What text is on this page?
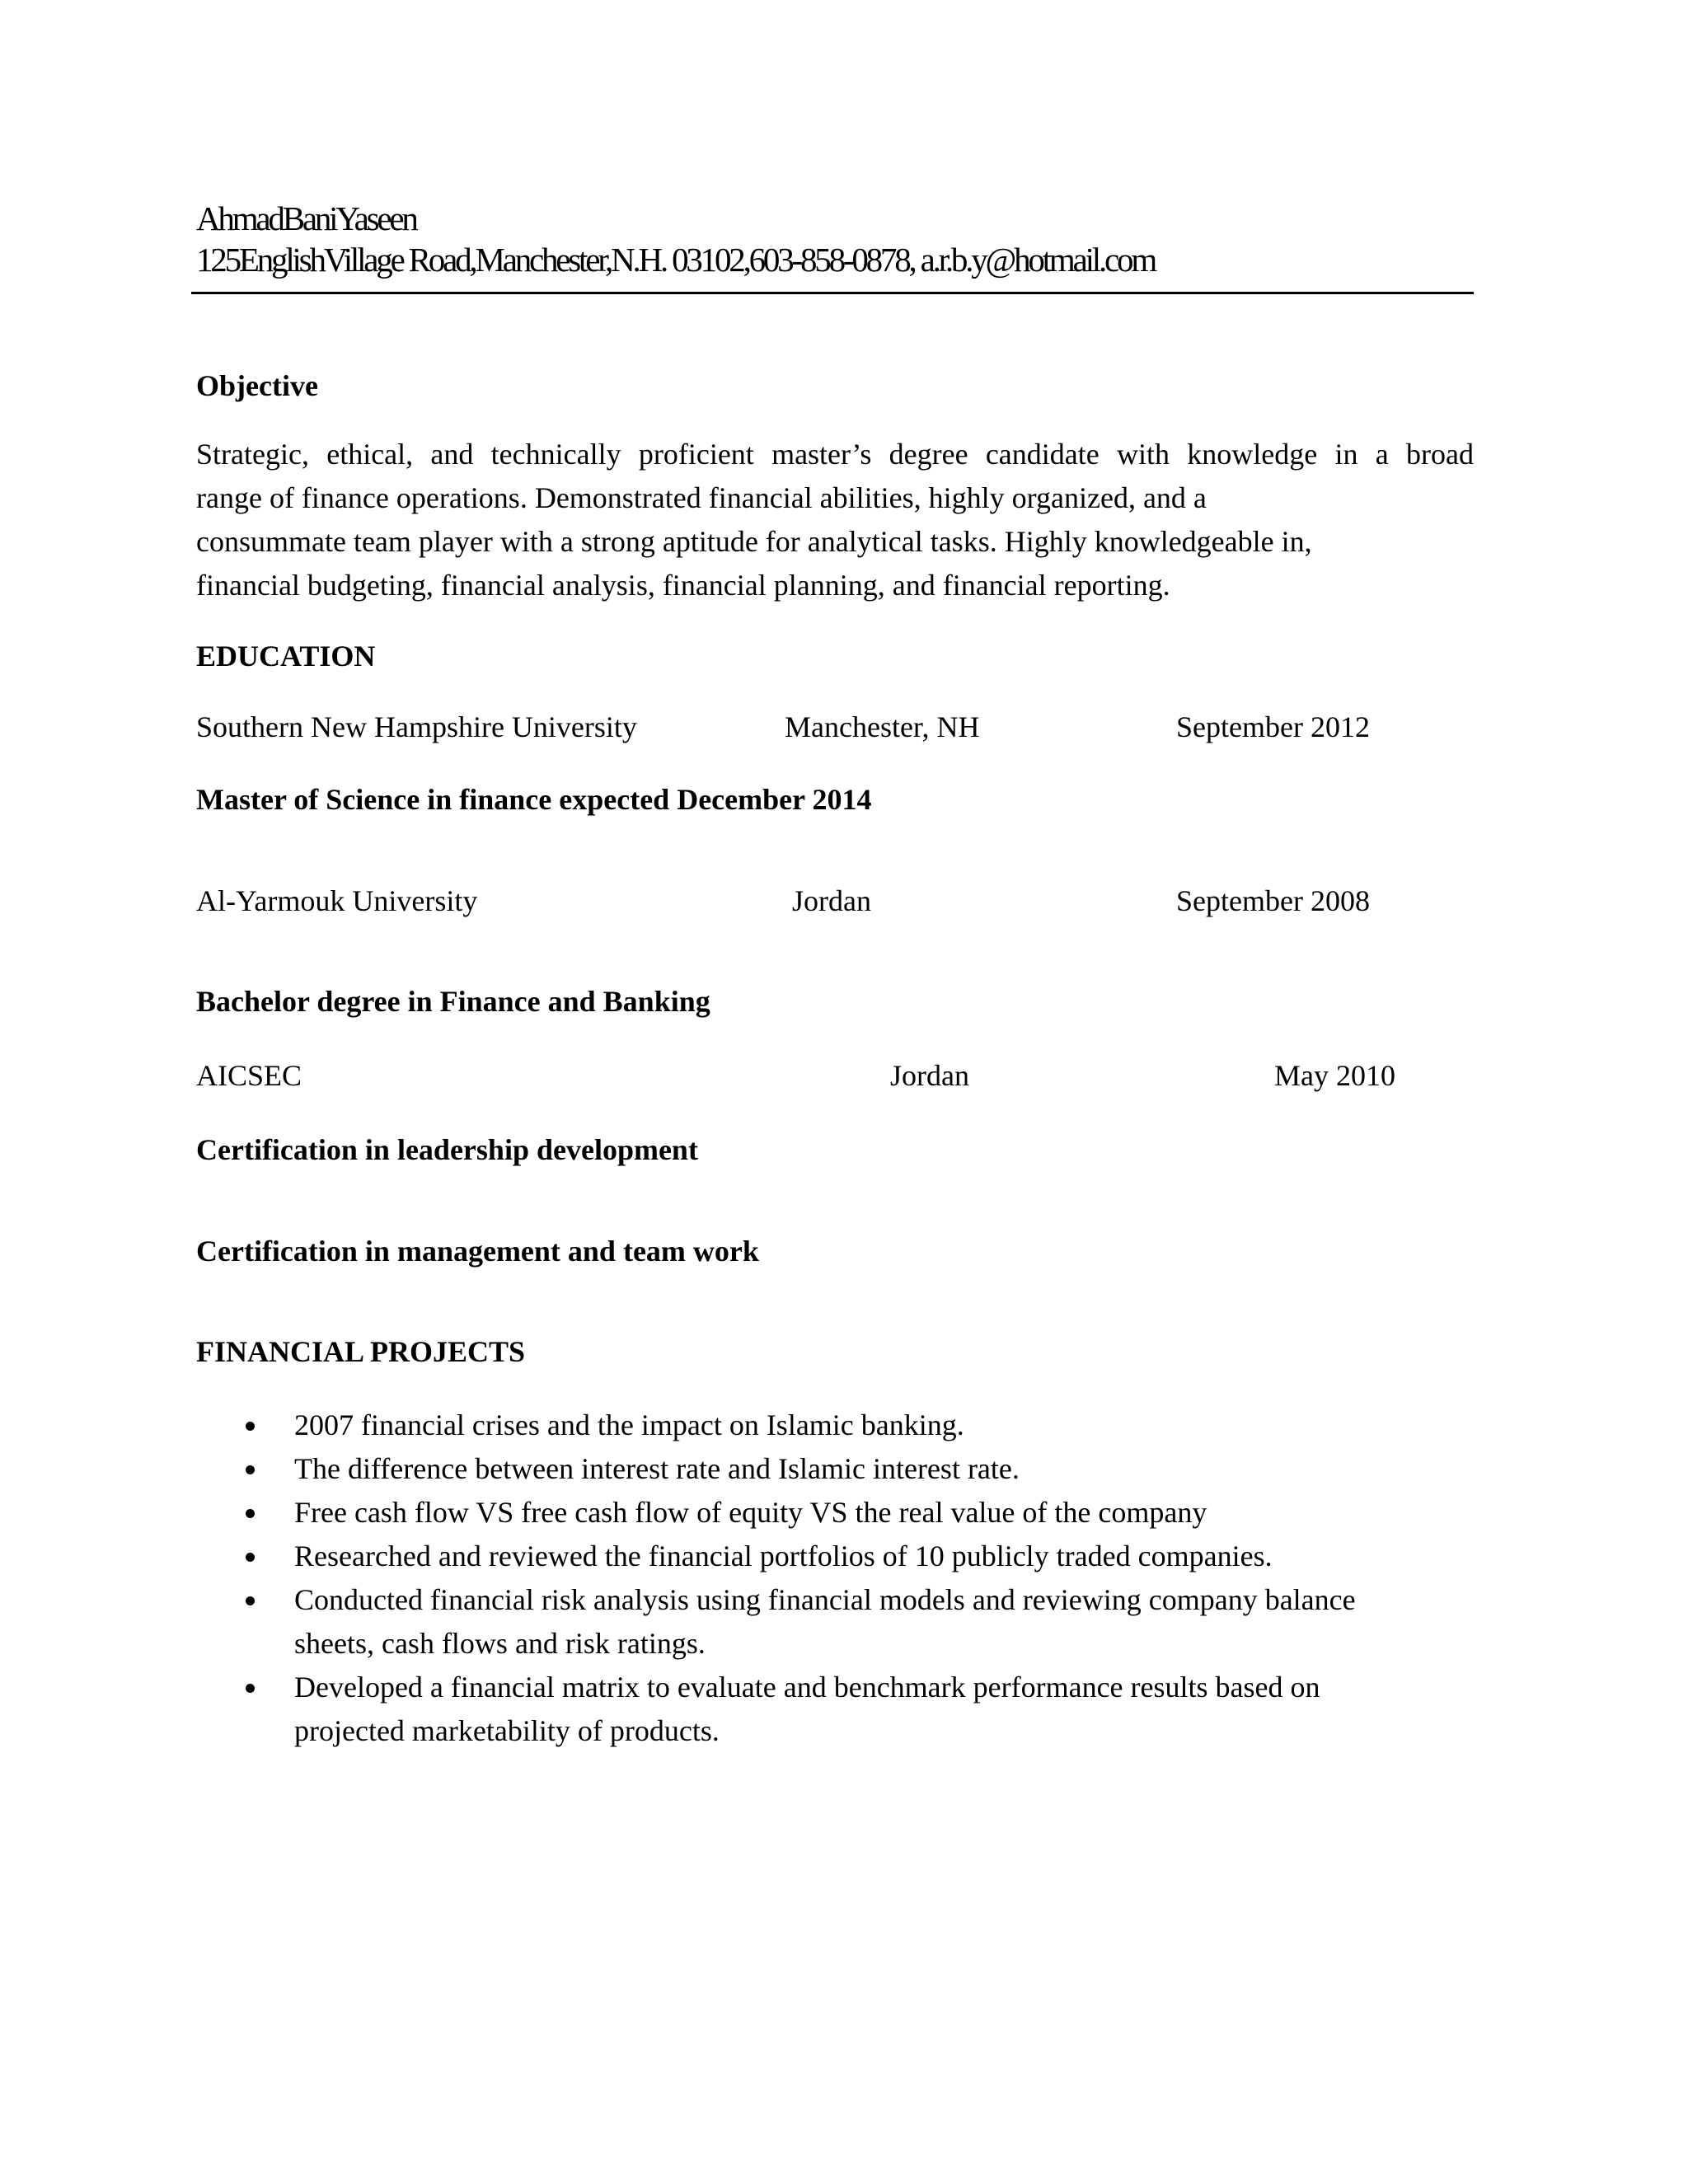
AhmadBaniYaseen

125EnglishVillage Road,Manchester,N.H. 03102,603-858-0878, a.r.b.y@hotmail.com

Objective

Strategic, ethical, and technically proficient master’s degree candidate with knowledge in a broad
range of finance operations. Demonstrated financial abilities, highly organized, and a
consummate team player with a strong aptitude for analytical tasks. Highly knowledgeable in,
financial budgeting, financial analysis, financial planning, and financial reporting.

EDUCATION

Southern New Hampshire University	Manchester, NH	September 2012

Master of Science in finance expected December 2014

Al-Yarmouk University	Jordan	September 2008

Bachelor degree in Finance and Banking

AICSEC	Jordan	May 2010

Certification in leadership development

Certification in management and team work

FINANCIAL PROJECTS

2007 financial crises and the impact on Islamic banking.
The difference between interest rate and Islamic interest rate.
Free cash flow VS free cash flow of equity VS the real value of the company
Researched and reviewed the financial portfolios of 10 publicly traded companies.
Conducted financial risk analysis using financial models and reviewing company balance
sheets, cash flows and risk ratings.
Developed a financial matrix to evaluate and benchmark performance results based on
projected marketability of products.
